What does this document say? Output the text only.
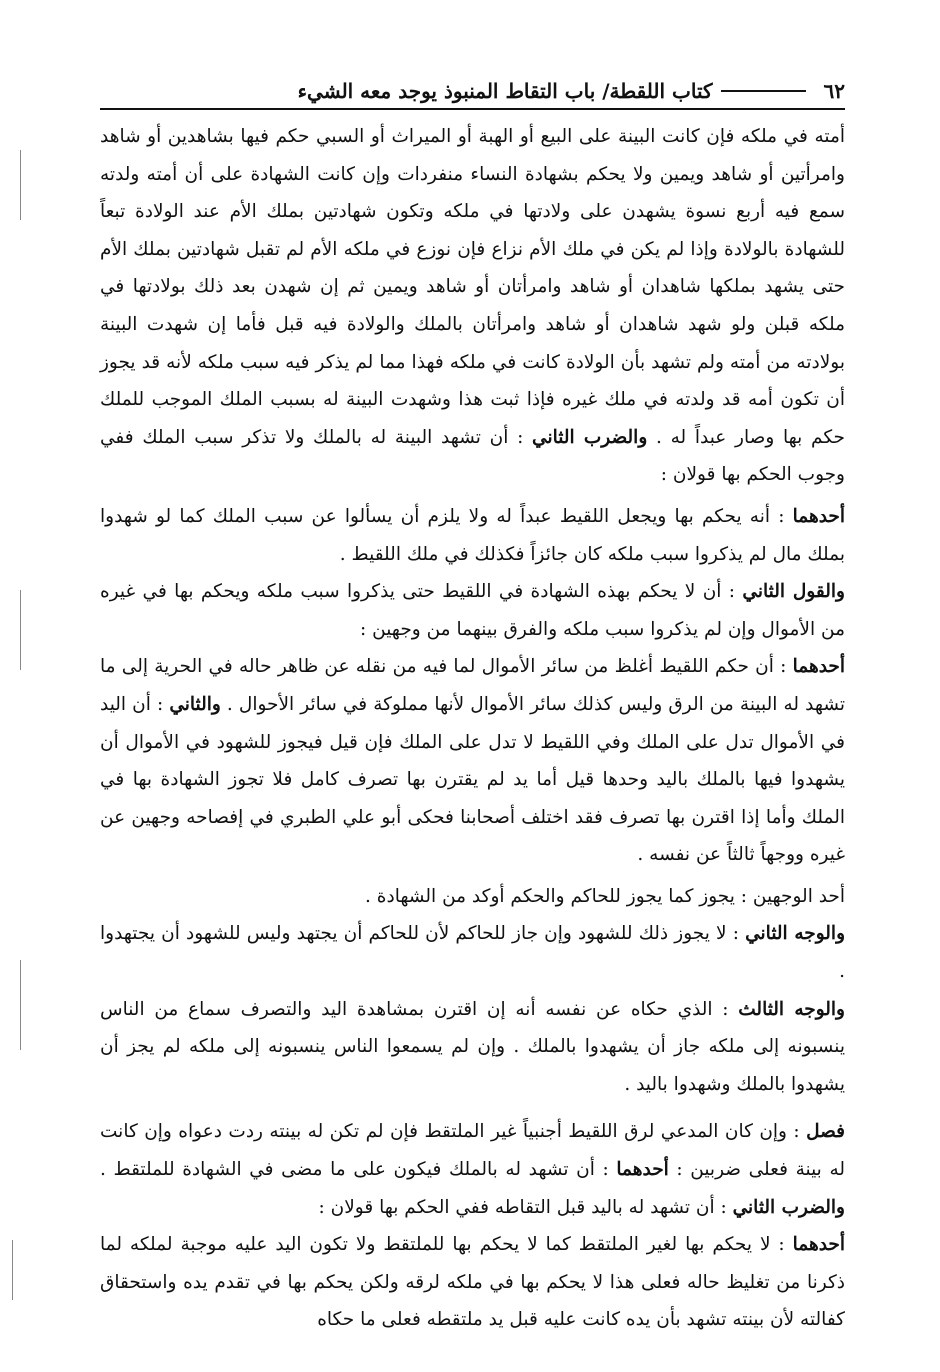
٦٢
كتاب اللقطة/ باب التقاط المنبوذ يوجد معه الشيء

أمته في ملكه فإن كانت البينة على البيع أو الهبة أو الميراث أو السبي حكم فيها بشاهدين أو شاهد وامرأتين أو شاهد ويمين ولا يحكم بشهادة النساء منفردات وإن كانت الشهادة على أن أمته ولدته سمع فيه أربع نسوة يشهدن على ولادتها في ملكه وتكون شهادتين بملك الأم عند الولادة تبعاً للشهادة بالولادة وإذا لم يكن في ملك الأم نزاع فإن نوزع في ملكه الأم لم تقبل شهادتين بملك الأم حتى يشهد بملكها شاهدان أو شاهد وامرأتان أو شاهد ويمين ثم إن شهدن بعد ذلك بولادتها في ملكه قبلن ولو شهد شاهدان أو شاهد وامرأتان بالملك والولادة فيه قبل فأما إن شهدت البينة بولادته من أمته ولم تشهد بأن الولادة كانت في ملكه فهذا مما لم يذكر فيه سبب ملكه لأنه قد يجوز أن تكون أمه قد ولدته في ملك غيره فإذا ثبت هذا وشهدت البينة له بسبب الملك الموجب للملك حكم بها وصار عبداً له . والضرب الثاني : أن تشهد البينة له بالملك ولا تذكر سبب الملك ففي وجوب الحكم بها قولان :

أحدهما : أنه يحكم بها ويجعل اللقيط عبداً له ولا يلزم أن يسألوا عن سبب الملك كما لو شهدوا بملك مال لم يذكروا سبب ملكه كان جائزاً فكذلك في ملك اللقيط .

والقول الثاني : أن لا يحكم بهذه الشهادة في اللقيط حتى يذكروا سبب ملكه ويحكم بها في غيره من الأموال وإن لم يذكروا سبب ملكه والفرق بينهما من وجهين :

أحدهما : أن حكم اللقيط أغلظ من سائر الأموال لما فيه من نقله عن ظاهر حاله في الحرية إلى ما تشهد له البينة من الرق وليس كذلك سائر الأموال لأنها مملوكة في سائر الأحوال . والثاني : أن اليد في الأموال تدل على الملك وفي اللقيط لا تدل على الملك فإن قيل فيجوز للشهود في الأموال أن يشهدوا فيها بالملك باليد وحدها قيل أما يد لم يقترن بها تصرف كامل فلا تجوز الشهادة بها في الملك وأما إذا اقترن بها تصرف فقد اختلف أصحابنا فحكى أبو علي الطبري في إفصاحه وجهين عن غيره ووجهاً ثالثاً عن نفسه .

أحد الوجهين : يجوز كما يجوز للحاكم والحكم أوكد من الشهادة .

والوجه الثاني : لا يجوز ذلك للشهود وإن جاز للحاكم لأن للحاكم أن يجتهد وليس للشهود أن يجتهدوا .

والوجه الثالث : الذي حكاه عن نفسه أنه إن اقترن بمشاهدة اليد والتصرف سماع من الناس ينسبونه إلى ملكه جاز أن يشهدوا بالملك . وإن لم يسمعوا الناس ينسبونه إلى ملكه لم يجز أن يشهدوا بالملك وشهدوا باليد .

فصل : وإن كان المدعي لرق اللقيط أجنبياً غير الملتقط فإن لم تكن له بينته ردت دعواه وإن كانت له بينة فعلى ضربين : أحدهما : أن تشهد له بالملك فيكون على ما مضى في الشهادة للملتقط . والضرب الثاني : أن تشهد له باليد قبل التقاطه ففي الحكم بها قولان :

أحدهما : لا يحكم بها لغير الملتقط كما لا يحكم بها للملتقط ولا تكون اليد عليه موجبة لملكه لما ذكرنا من تغليظ حاله فعلى هذا لا يحكم بها في ملكه لرقه ولكن يحكم بها في تقدم يده واستحقاق كفالته لأن بينته تشهد بأن يده كانت عليه قبل يد ملتقطه فعلى ما حكاه
